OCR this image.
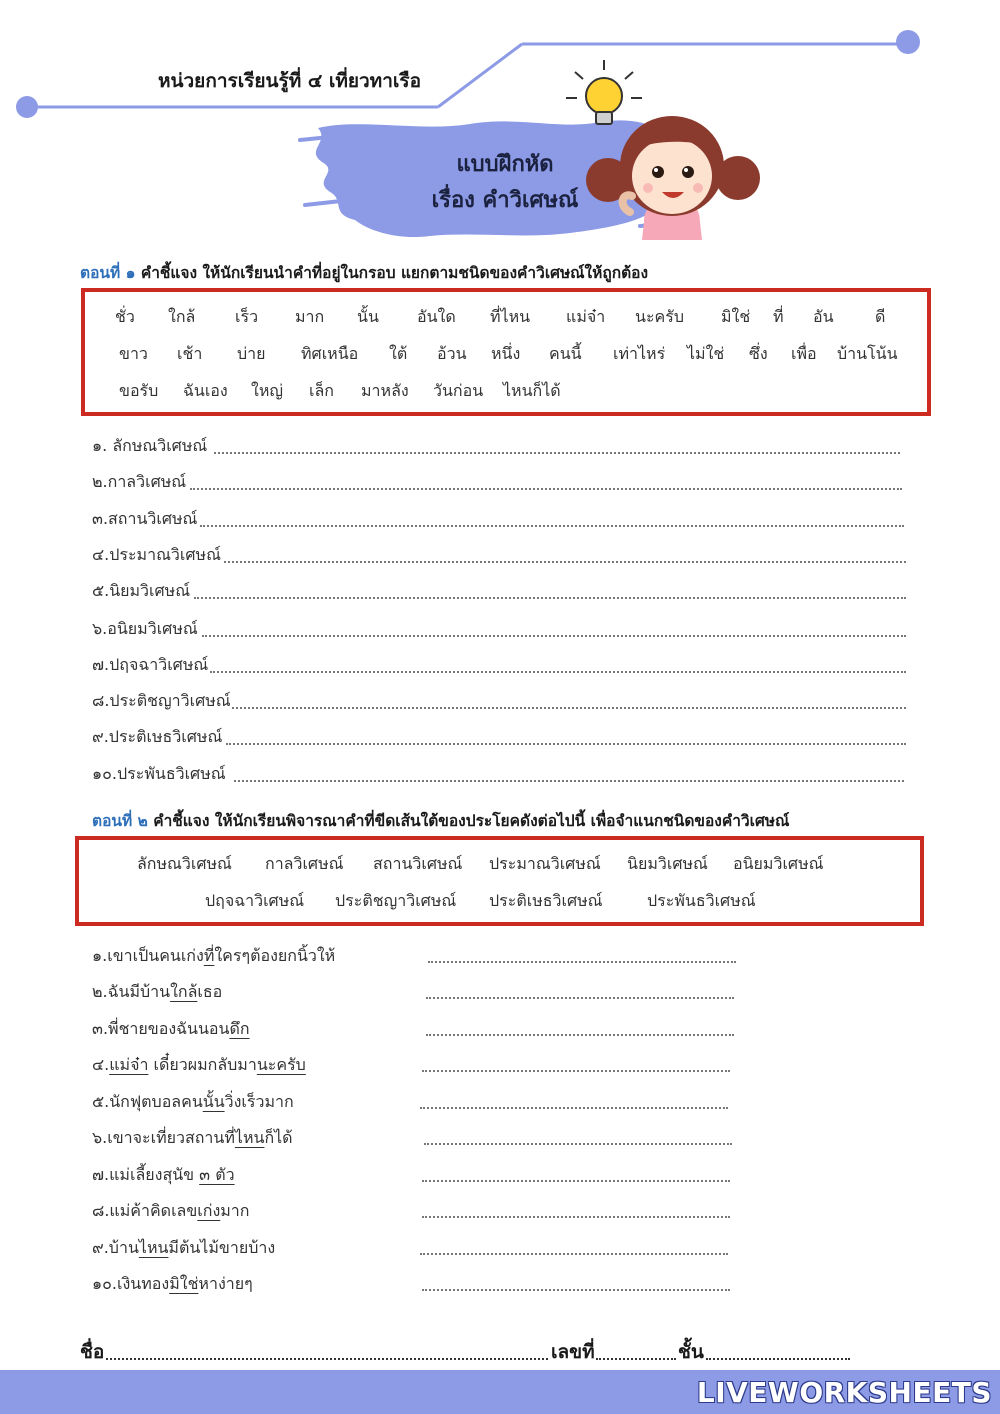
หน่วยการเรียนรู้ที่ ๔ เที่ยวทาเรือ
แบบฝึกหัด
เรื่อง คำวิเศษณ์
ตอนที่ ๑ คำชี้แจง ให้นักเรียนนำคำที่อยู่ในกรอบ แยกตามชนิดของคำวิเศษณ์ให้ถูกต้อง
ชั่ว ใกล้ เร็ว มาก นั้น อันใด ที่ไหน แม่จ๋า นะครับ มิใช่ ที่ อัน	ดี
ขาว เช้า บ่าย ทิศเหนือ ใต้ อ้วน หนึ่ง คนนี้ เท่าไหร่ ไม่ใช่ ซึ่ง เพื่อ บ้านโน้น
ขอรับ ฉันเอง ใหญ่ เล็ก มาหลัง วันก่อน ไหนก็ได้
๑. ลักษณวิเศษณ์
๒.กาลวิเศษณ์
๓.สถานวิเศษณ์
๔.ประมาณวิเศษณ์
๕.นิยมวิเศษณ์
๖.อนิยมวิเศษณ์
๗.ปฤจฉาวิเศษณ์
๘.ประติชญาวิเศษณ์
๙.ประติเษธวิเศษณ์
๑๐.ประพันธวิเศษณ์
ตอนที่ ๒ คำชี้แจง ให้นักเรียนพิจารณาคำที่ขีดเส้นใต้ของประโยคดังต่อไปนี้ เพื่อจำแนกชนิดของคำวิเศษณ์
ลักษณวิเศษณ์ กาลวิเศษณ์ สถานวิเศษณ์ ประมาณวิเศษณ์ นิยมวิเศษณ์ อนิยมวิเศษณ์
ปฤจฉาวิเศษณ์ ประติชญาวิเศษณ์ ประติเษธวิเศษณ์	ประพันธวิเศษณ์
๑.เขาเป็นคนเก่งที่ใครๆต้องยกนิ้วให้
๒.ฉันมีบ้านใกล้เธอ
๓.พี่ชายของฉันนอนดึก
๔.แม่จ๋า เดี๋ยวผมกลับมานะครับ
๕.นักฟุตบอลคนนั้นวิ่งเร็วมาก
๖.เขาจะเที่ยวสถานที่ไหนก็ได้
๗.แม่เลี้ยงสุนัข ๓ ตัว
๘.แม่ค้าคิดเลขเก่งมาก
๙.บ้านไหนมีต้นไม้ขายบ้าง
๑๐.เงินทองมิใช่หาง่ายๆ
ชื่อ	เลขที่	ชั้น
LIVEWORKSHEETS
